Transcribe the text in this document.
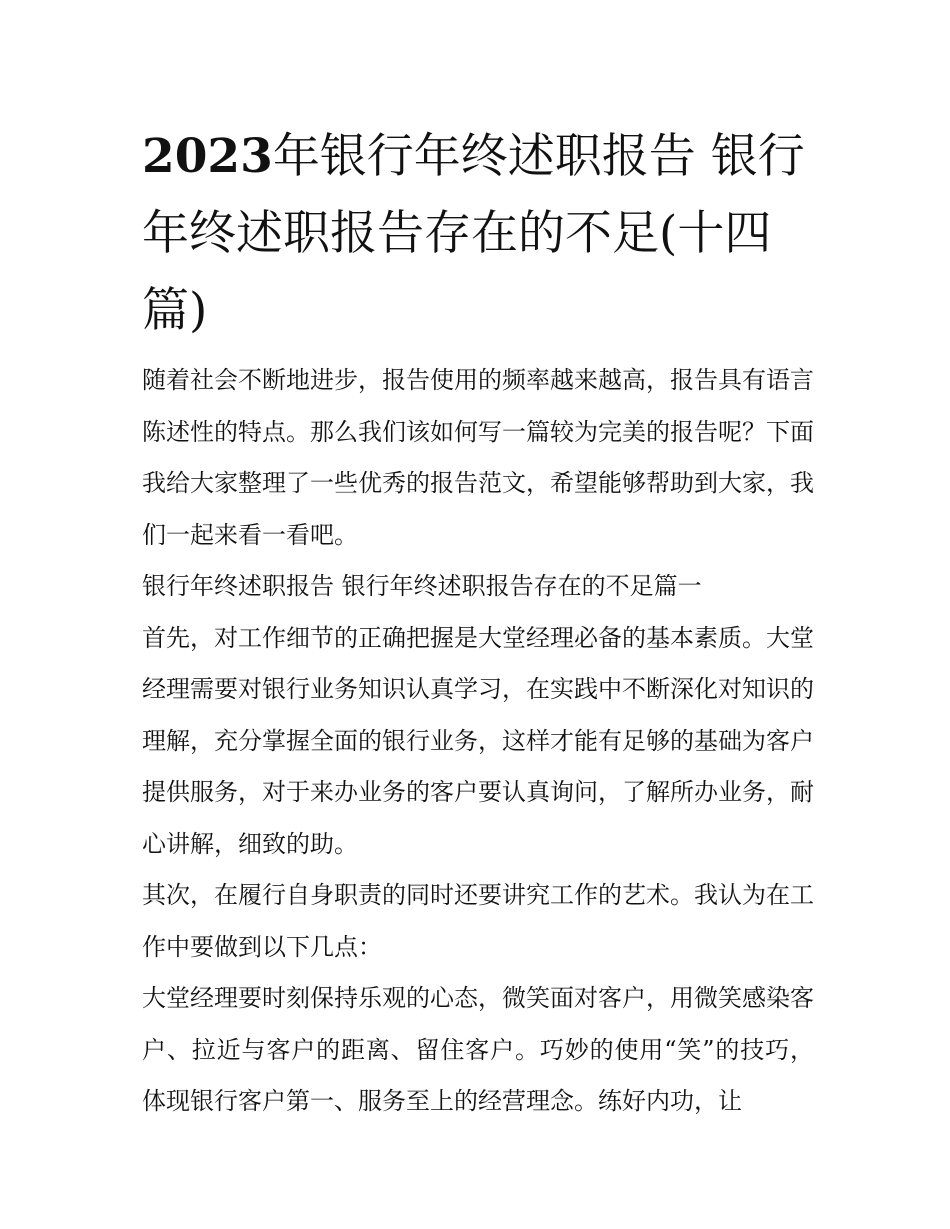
2023年银行年终述职报告 银行年终述职报告存在的不足(十四篇)

随着社会不断地进步，报告使用的频率越来越高，报告具有语言陈述性的特点。那么我们该如何写一篇较为完美的报告呢？下面我给大家整理了一些优秀的报告范文，希望能够帮助到大家，我们一起来看一看吧。

银行年终述职报告 银行年终述职报告存在的不足篇一

首先，对工作细节的正确把握是大堂经理必备的基本素质。大堂经理需要对银行业务知识认真学习，在实践中不断深化对知识的理解，充分掌握全面的银行业务，这样才能有足够的基础为客户提供服务，对于来办业务的客户要认真询问，了解所办业务，耐心讲解，细致的助。

其次，在履行自身职责的同时还要讲究工作的艺术。我认为在工作中要做到以下几点：

大堂经理要时刻保持乐观的心态，微笑面对客户，用微笑感染客户、拉近与客户的距离、留住客户。巧妙的使用“笑”的技巧，体现银行客户第一、服务至上的经营理念。练好内功，让
